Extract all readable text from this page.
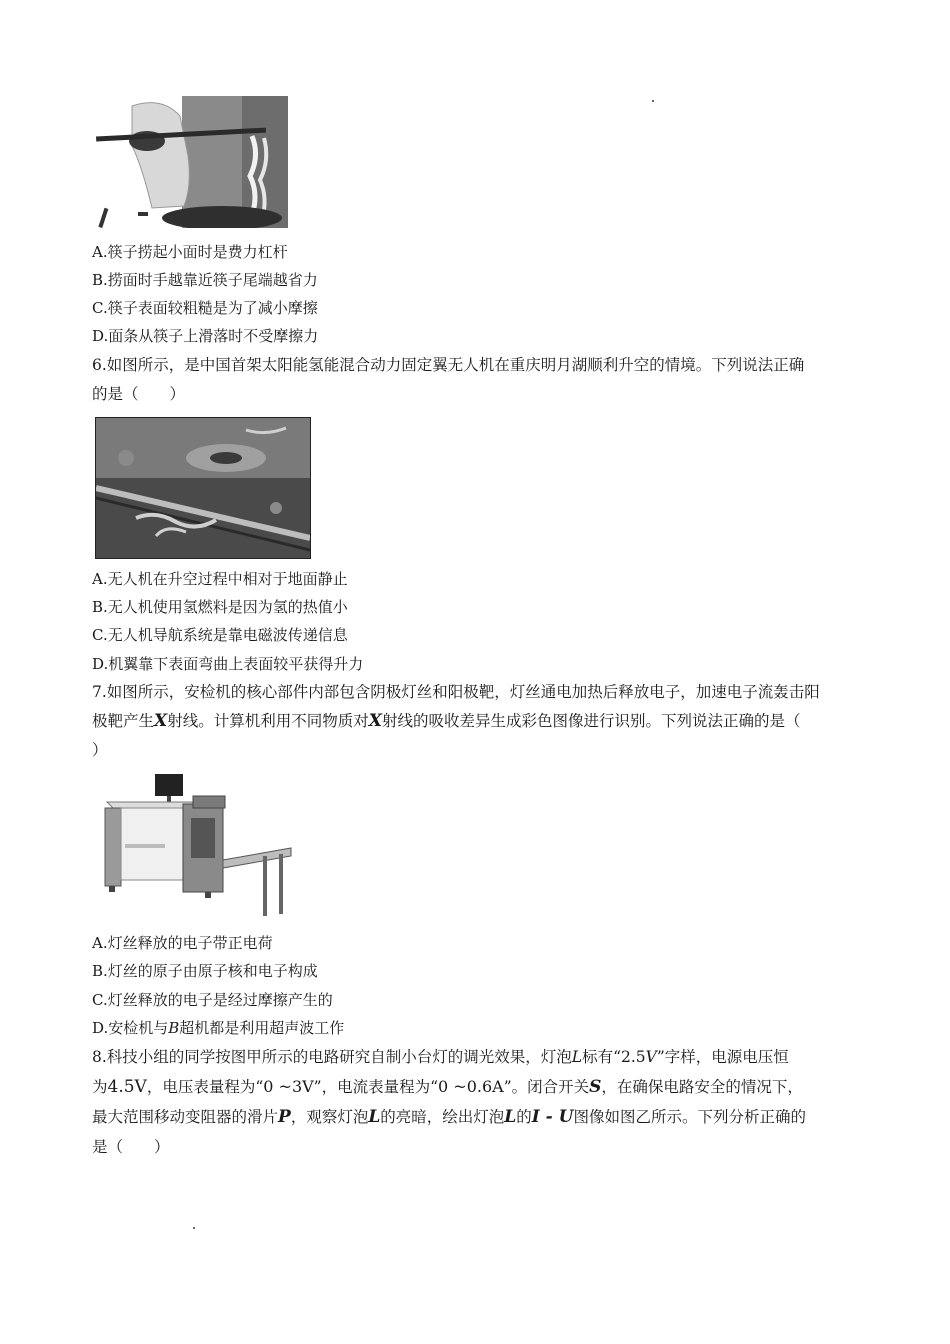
A.筷子捞起小面时是费力杠杆
B.捞面时手越靠近筷子尾端越省力
C.筷子表面较粗糙是为了减小摩擦
D.面条从筷子上滑落时不受摩擦力
6.如图所示，是中国首架太阳能氢能混合动力固定翼无人机在重庆明月湖顺利升空的情境。下列说法正确
的是（　　）
A.无人机在升空过程中相对于地面静止
B.无人机使用氢燃料是因为氢的热值小
C.无人机导航系统是靠电磁波传递信息
D.机翼靠下表面弯曲上表面较平获得升力
7.如图所示，安检机的核心部件内部包含阴极灯丝和阳极靶，灯丝通电加热后释放电子，加速电子流轰击阳
极靶产生X射线。计算机利用不同物质对X射线的吸收差异生成彩色图像进行识别。下列说法正确的是（
）
A.灯丝释放的电子带正电荷
B.灯丝的原子由原子核和电子构成
C.灯丝释放的电子是经过摩擦产生的
D.安检机与B超机都是利用超声波工作
8.科技小组的同学按图甲所示的电路研究自制小台灯的调光效果，灯泡L标有“2.5V”字样，电源电压恒
为4.5V，电压表量程为“0 ~3V”，电流表量程为“0 ~0.6A”。闭合开关S，在确保电路安全的情况下，
最大范围移动变阻器的滑片P，观察灯泡L的亮暗，绘出灯泡L的I - U图像如图乙所示。下列分析正确的
是（　　）
